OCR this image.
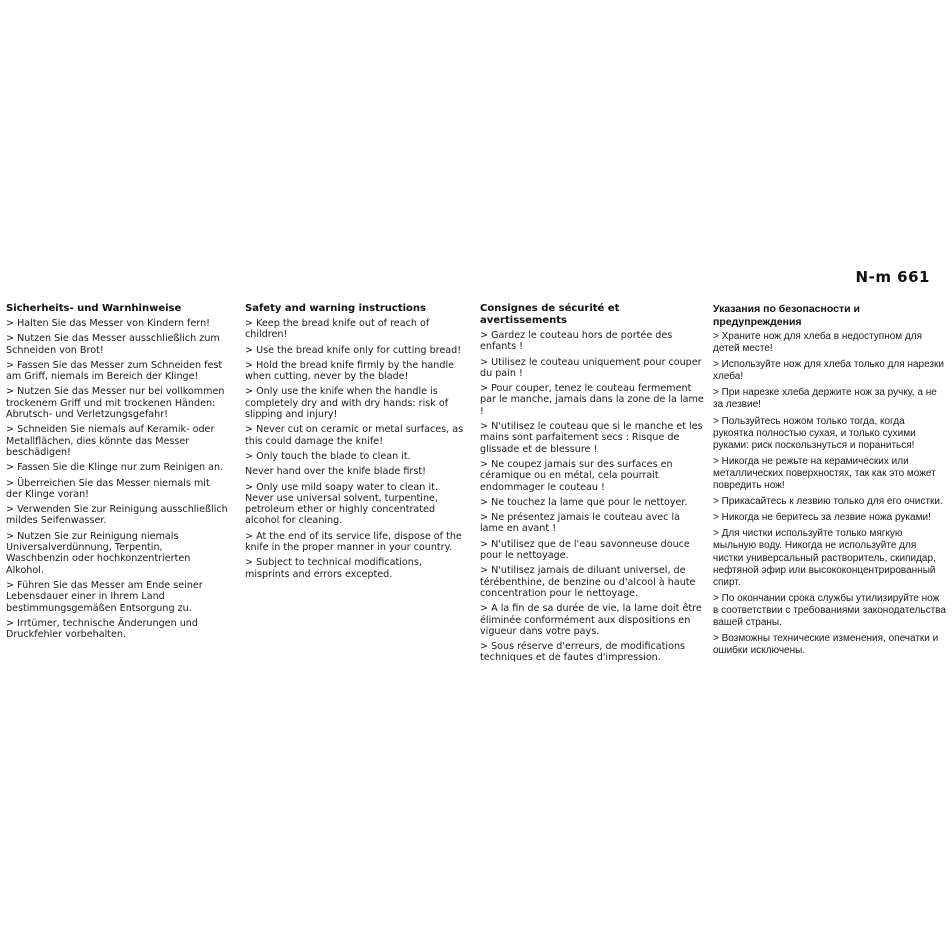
N-m 661
Sicherheits- und Warnhinweise

> Halten Sie das Messer von Kindern fern!

> Nutzen Sie das Messer ausschließlich zum Schneiden von Brot!

> Fassen Sie das Messer zum Schneiden fest am Griff, niemals im Bereich der Klinge!

> Nutzen Sie das Messer nur bei vollkommen trockenem Griff und mit trockenen Händen: Abrutsch- und Verletzungsgefahr!

> Schneiden Sie niemals auf Keramik- oder Metallflächen, dies könnte das Messer beschädigen!

> Fassen Sie die Klinge nur zum Reinigen an.

> Überreichen Sie das Messer niemals mit der Klinge voran!

> Verwenden Sie zur Reinigung ausschließlich mildes Seifenwasser.

> Nutzen Sie zur Reinigung niemals Universalverdünnung, Terpentin, Waschbenzin oder hochkonzentrierten Alkohol.

> Führen Sie das Messer am Ende seiner Lebensdauer einer in Ihrem Land bestimmungsgemäßen Entsorgung zu.

> Irrtümer, technische Änderungen und Druckfehler vorbehalten.

Safety and warning instructions

> Keep the bread knife out of reach of children!

> Use the bread knife only for cutting bread!

> Hold the bread knife firmly by the handle when cutting, never by the blade!

> Only use the knife when the handle is completely dry and with dry hands: risk of slipping and injury!

> Never cut on ceramic or metal surfaces, as this could damage the knife!

> Only touch the blade to clean it.

Never hand over the knife blade first!

> Only use mild soapy water to clean it. Never use universal solvent, turpentine, petroleum ether or highly concentrated alcohol for cleaning.

> At the end of its service life, dispose of the knife in the proper manner in your country.

> Subject to technical modifications, misprints and errors excepted.

Consignes de sécurité et avertissements

> Gardez le couteau hors de portée des enfants !

> Utilisez le couteau uniquement pour couper du pain !

> Pour couper, tenez le couteau fermement par le manche, jamais dans la zone de la lame !

> N'utilisez le couteau que si le manche et les mains sont parfaitement secs : Risque de glissade et de blessure !

> Ne coupez jamais sur des surfaces en céramique ou en métal, cela pourrait endommager le couteau !

> Ne touchez la lame que pour le nettoyer.

> Ne présentez jamais le couteau avec la lame en avant !

> N'utilisez que de l'eau savonneuse douce pour le nettoyage.

> N'utilisez jamais de diluant universel, de térébenthine, de benzine ou d'alcool à haute concentration pour le nettoyage.

> A la fin de sa durée de vie, la lame doit être éliminée conformément aux dispositions en vigueur dans votre pays.

> Sous réserve d'erreurs, de modifications techniques et de fautes d'impression.

Указания по безопасности и предупреждения

> Храните нож для хлеба в недоступном для детей месте!

> Используйте нож для хлеба только для нарезки хлеба!

> При нарезке хлеба держите нож за ручку, а не за лезвие!

> Пользуйтесь ножом только тогда, когда рукоятка полностью сухая, и только сухими руками: риск поскользнуться и пораниться!

> Никогда не режьте на керамических или металлических поверхностях, так как это может повредить нож!

> Прикасайтесь к лезвию только для его очистки.

> Никогда не беритесь за лезвие ножа руками!

> Для чистки используйте только мягкую мыльную воду. Никогда не используйте для чистки универсальный растворитель, скипидар, нефтяной эфир или высококонцентрированный спирт.

> По окончании срока службы утилизируйте нож в соответствии с требованиями законодательства вашей страны.

> Возможны технические изменения, опечатки и ошибки исключены.
